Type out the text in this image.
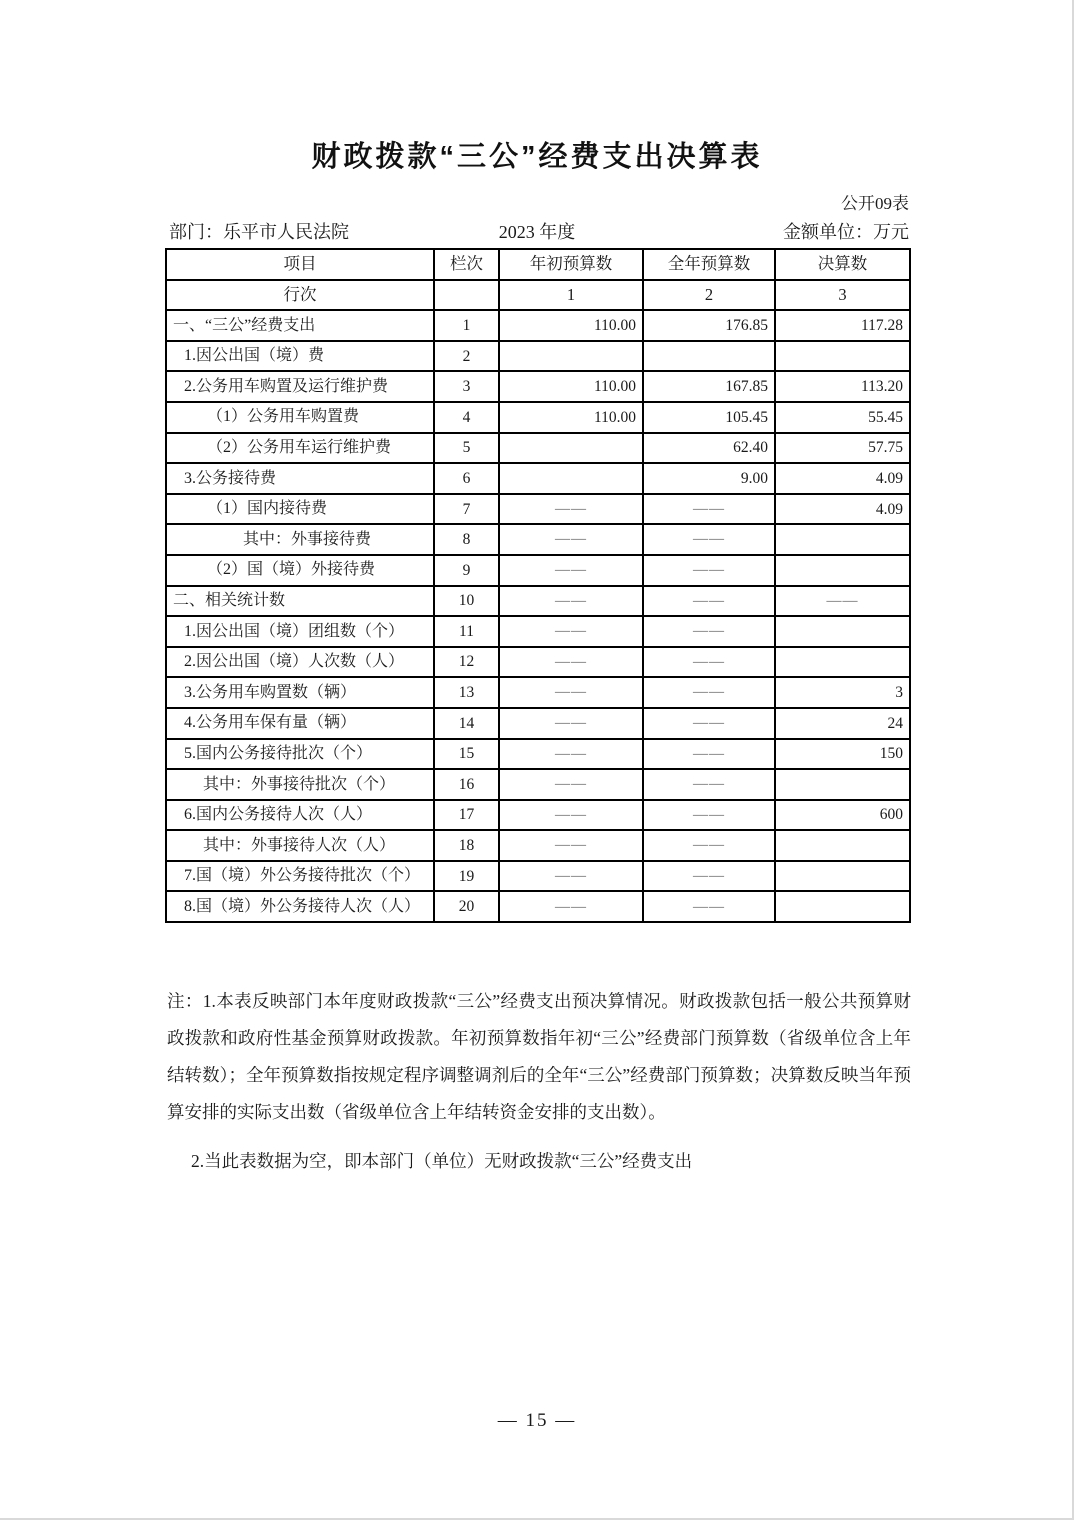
财政拨款“三公”经费支出决算表
公开09表
部门：乐平市人民法院	2023 年度	金额单位：万元
项目	栏次	年初预算数	全年预算数	决算数
行次		1	2	3
一、“三公”经费支出	1	110.00	176.85	117.28
1.因公出国（境）费	2			
2.公务用车购置及运行维护费	3	110.00	167.85	113.20
（1）公务用车购置费	4	110.00	105.45	55.45
（2）公务用车运行维护费	5		62.40	57.75
3.公务接待费	6		9.00	4.09
（1）国内接待费	7	——	——	4.09
其中：外事接待费	8	——	——	
（2）国（境）外接待费	9	——	——	
二、相关统计数	10	——	——	——
1.因公出国（境）团组数（个）	11	——	——	
2.因公出国（境）人次数（人）	12	——	——	
3.公务用车购置数（辆）	13	——	——	3
4.公务用车保有量（辆）	14	——	——	24
5.国内公务接待批次（个）	15	——	——	150
其中：外事接待批次（个）	16	——	——	
6.国内公务接待人次（人）	17	——	——	600
其中：外事接待人次（人）	18	——	——	
7.国（境）外公务接待批次（个）	19	——	——	
8.国（境）外公务接待人次（人）	20	——	——	
注：1.本表反映部门本年度财政拨款“三公”经费支出预决算情况。财政拨款包括一般公共预算财政拨款和政府性基金预算财政拨款。年初预算数指年初“三公”经费部门预算数（省级单位含上年结转数）；全年预算数指按规定程序调整调剂后的全年“三公”经费部门预算数；决算数反映当年预算安排的实际支出数（省级单位含上年结转资金安排的支出数）。
2.当此表数据为空，即本部门（单位）无财政拨款“三公”经费支出
— 15 —
